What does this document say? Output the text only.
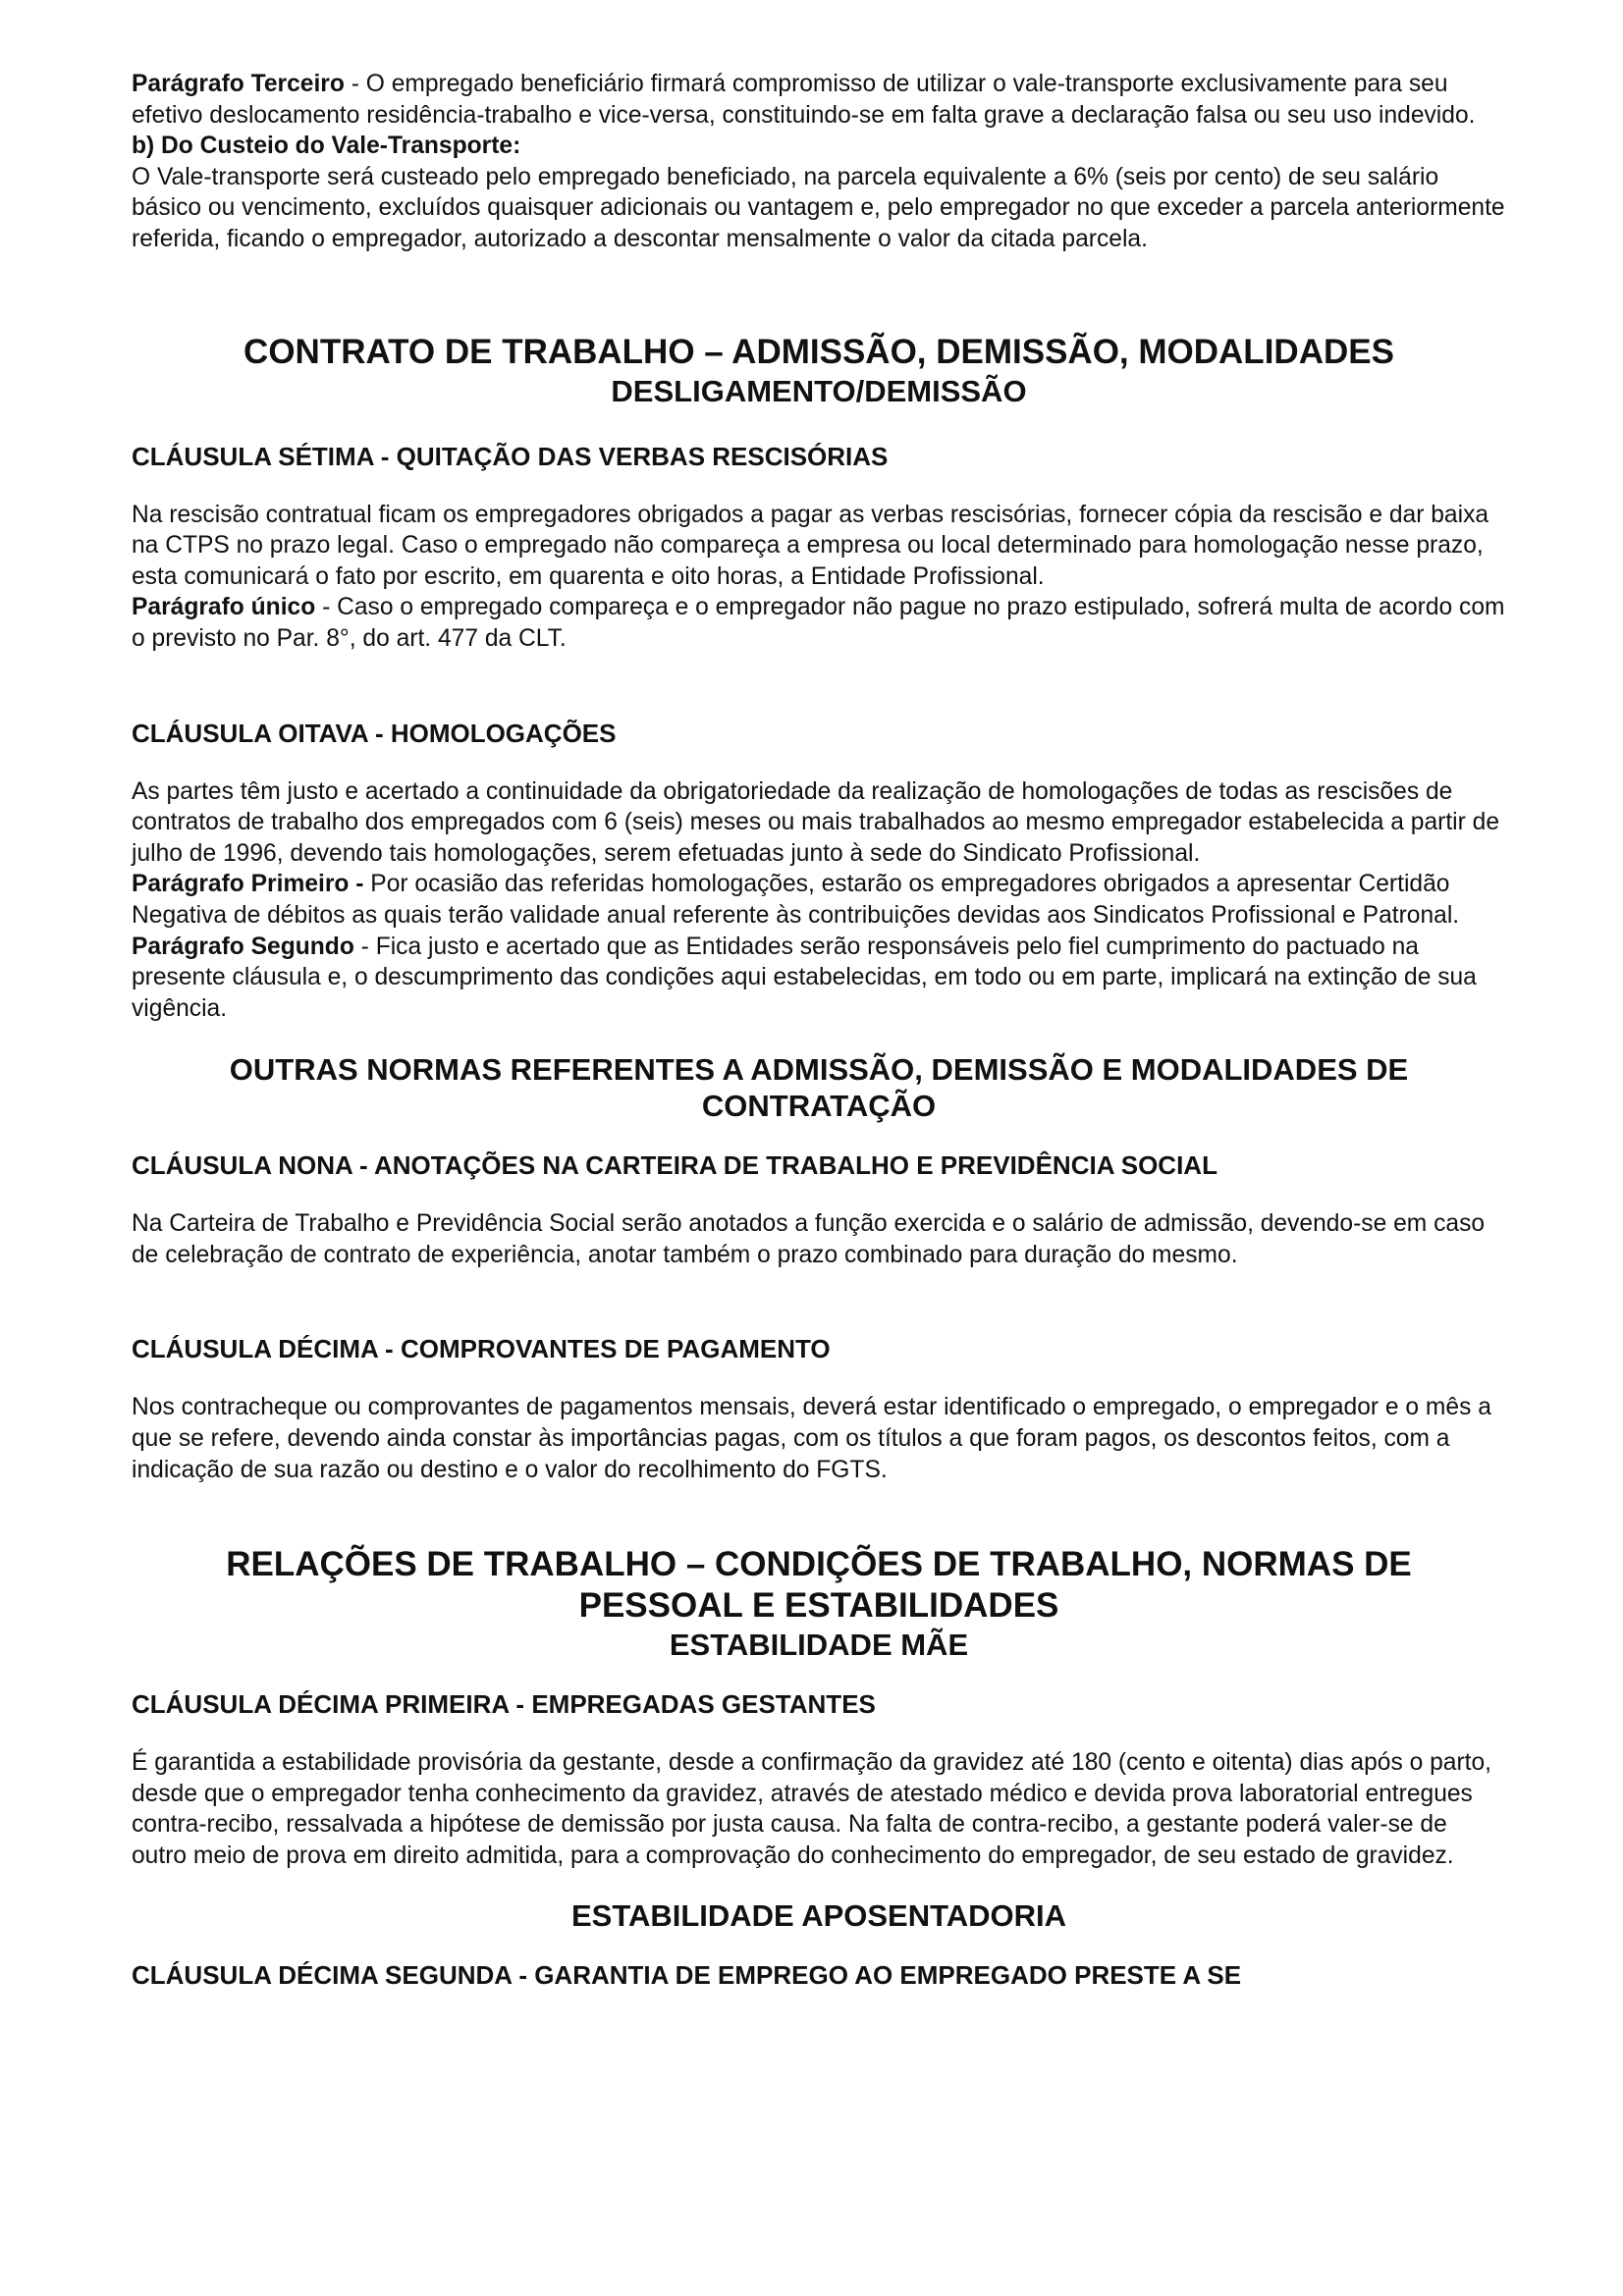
Parágrafo Terceiro - O empregado beneficiário firmará compromisso de utilizar o vale-transporte exclusivamente para seu efetivo deslocamento residência-trabalho e vice-versa, constituindo-se em falta grave a declaração falsa ou seu uso indevido.

b) Do Custeio do Vale-Transporte:

O Vale-transporte será custeado pelo empregado beneficiado, na parcela equivalente a 6% (seis por cento) de seu salário básico ou vencimento, excluídos quaisquer adicionais ou vantagem e, pelo empregador no que exceder a parcela anteriormente referida, ficando o empregador, autorizado a descontar mensalmente o valor da citada parcela.

CONTRATO DE TRABALHO – ADMISSÃO, DEMISSÃO, MODALIDADES

DESLIGAMENTO/DEMISSÃO

CLÁUSULA SÉTIMA - QUITAÇÃO DAS VERBAS RESCISÓRIAS

Na rescisão contratual ficam os empregadores obrigados a pagar as verbas rescisórias, fornecer cópia da rescisão e dar baixa na CTPS no prazo legal. Caso o empregado não compareça a empresa ou local determinado para homologação nesse prazo, esta comunicará o fato por escrito, em quarenta e oito horas, a Entidade Profissional.

Parágrafo único - Caso o empregado compareça e o empregador não pague no prazo estipulado, sofrerá multa de acordo com o previsto no Par. 8°, do art. 477 da CLT.

CLÁUSULA OITAVA - HOMOLOGAÇÕES

As partes têm justo e acertado a continuidade da obrigatoriedade da realização de homologações de todas as rescisões de contratos de trabalho dos empregados com 6 (seis) meses ou mais trabalhados ao mesmo empregador estabelecida a partir de julho de 1996, devendo tais homologações, serem efetuadas junto à sede do Sindicato Profissional.

Parágrafo Primeiro - Por ocasião das referidas homologações, estarão os empregadores obrigados a apresentar Certidão Negativa de débitos as quais terão validade anual referente às contribuições devidas aos Sindicatos Profissional e Patronal.

Parágrafo Segundo - Fica justo e acertado que as Entidades serão responsáveis pelo fiel cumprimento do pactuado na presente cláusula e, o descumprimento das condições aqui estabelecidas, em todo ou em parte, implicará na extinção de sua vigência.

OUTRAS NORMAS REFERENTES A ADMISSÃO, DEMISSÃO E MODALIDADES DE CONTRATAÇÃO

CLÁUSULA NONA - ANOTAÇÕES NA CARTEIRA DE TRABALHO E PREVIDÊNCIA SOCIAL

Na Carteira de Trabalho e Previdência Social serão anotados a função exercida e o salário de admissão, devendo-se em caso de celebração de contrato de experiência, anotar também o prazo combinado para duração do mesmo.

CLÁUSULA DÉCIMA - COMPROVANTES DE PAGAMENTO

Nos contracheque ou comprovantes de pagamentos mensais, deverá estar identificado o empregado, o empregador e o mês a que se refere, devendo ainda constar às importâncias pagas, com os títulos a que foram pagos, os descontos feitos, com a indicação de sua razão ou destino e o valor do recolhimento do FGTS.

RELAÇÕES DE TRABALHO – CONDIÇÕES DE TRABALHO, NORMAS DE PESSOAL E ESTABILIDADES

ESTABILIDADE MÃE

CLÁUSULA DÉCIMA PRIMEIRA - EMPREGADAS GESTANTES

É garantida a estabilidade provisória da gestante, desde a confirmação da gravidez até 180 (cento e oitenta) dias após o parto, desde que o empregador tenha conhecimento da gravidez, através de atestado médico e devida prova laboratorial entregues contra-recibo, ressalvada a hipótese de demissão por justa causa. Na falta de contra-recibo, a gestante poderá valer-se de outro meio de prova em direito admitida, para a comprovação do conhecimento do empregador, de seu estado de gravidez.

ESTABILIDADE APOSENTADORIA

CLÁUSULA DÉCIMA SEGUNDA - GARANTIA DE EMPREGO AO EMPREGADO PRESTE A SE
